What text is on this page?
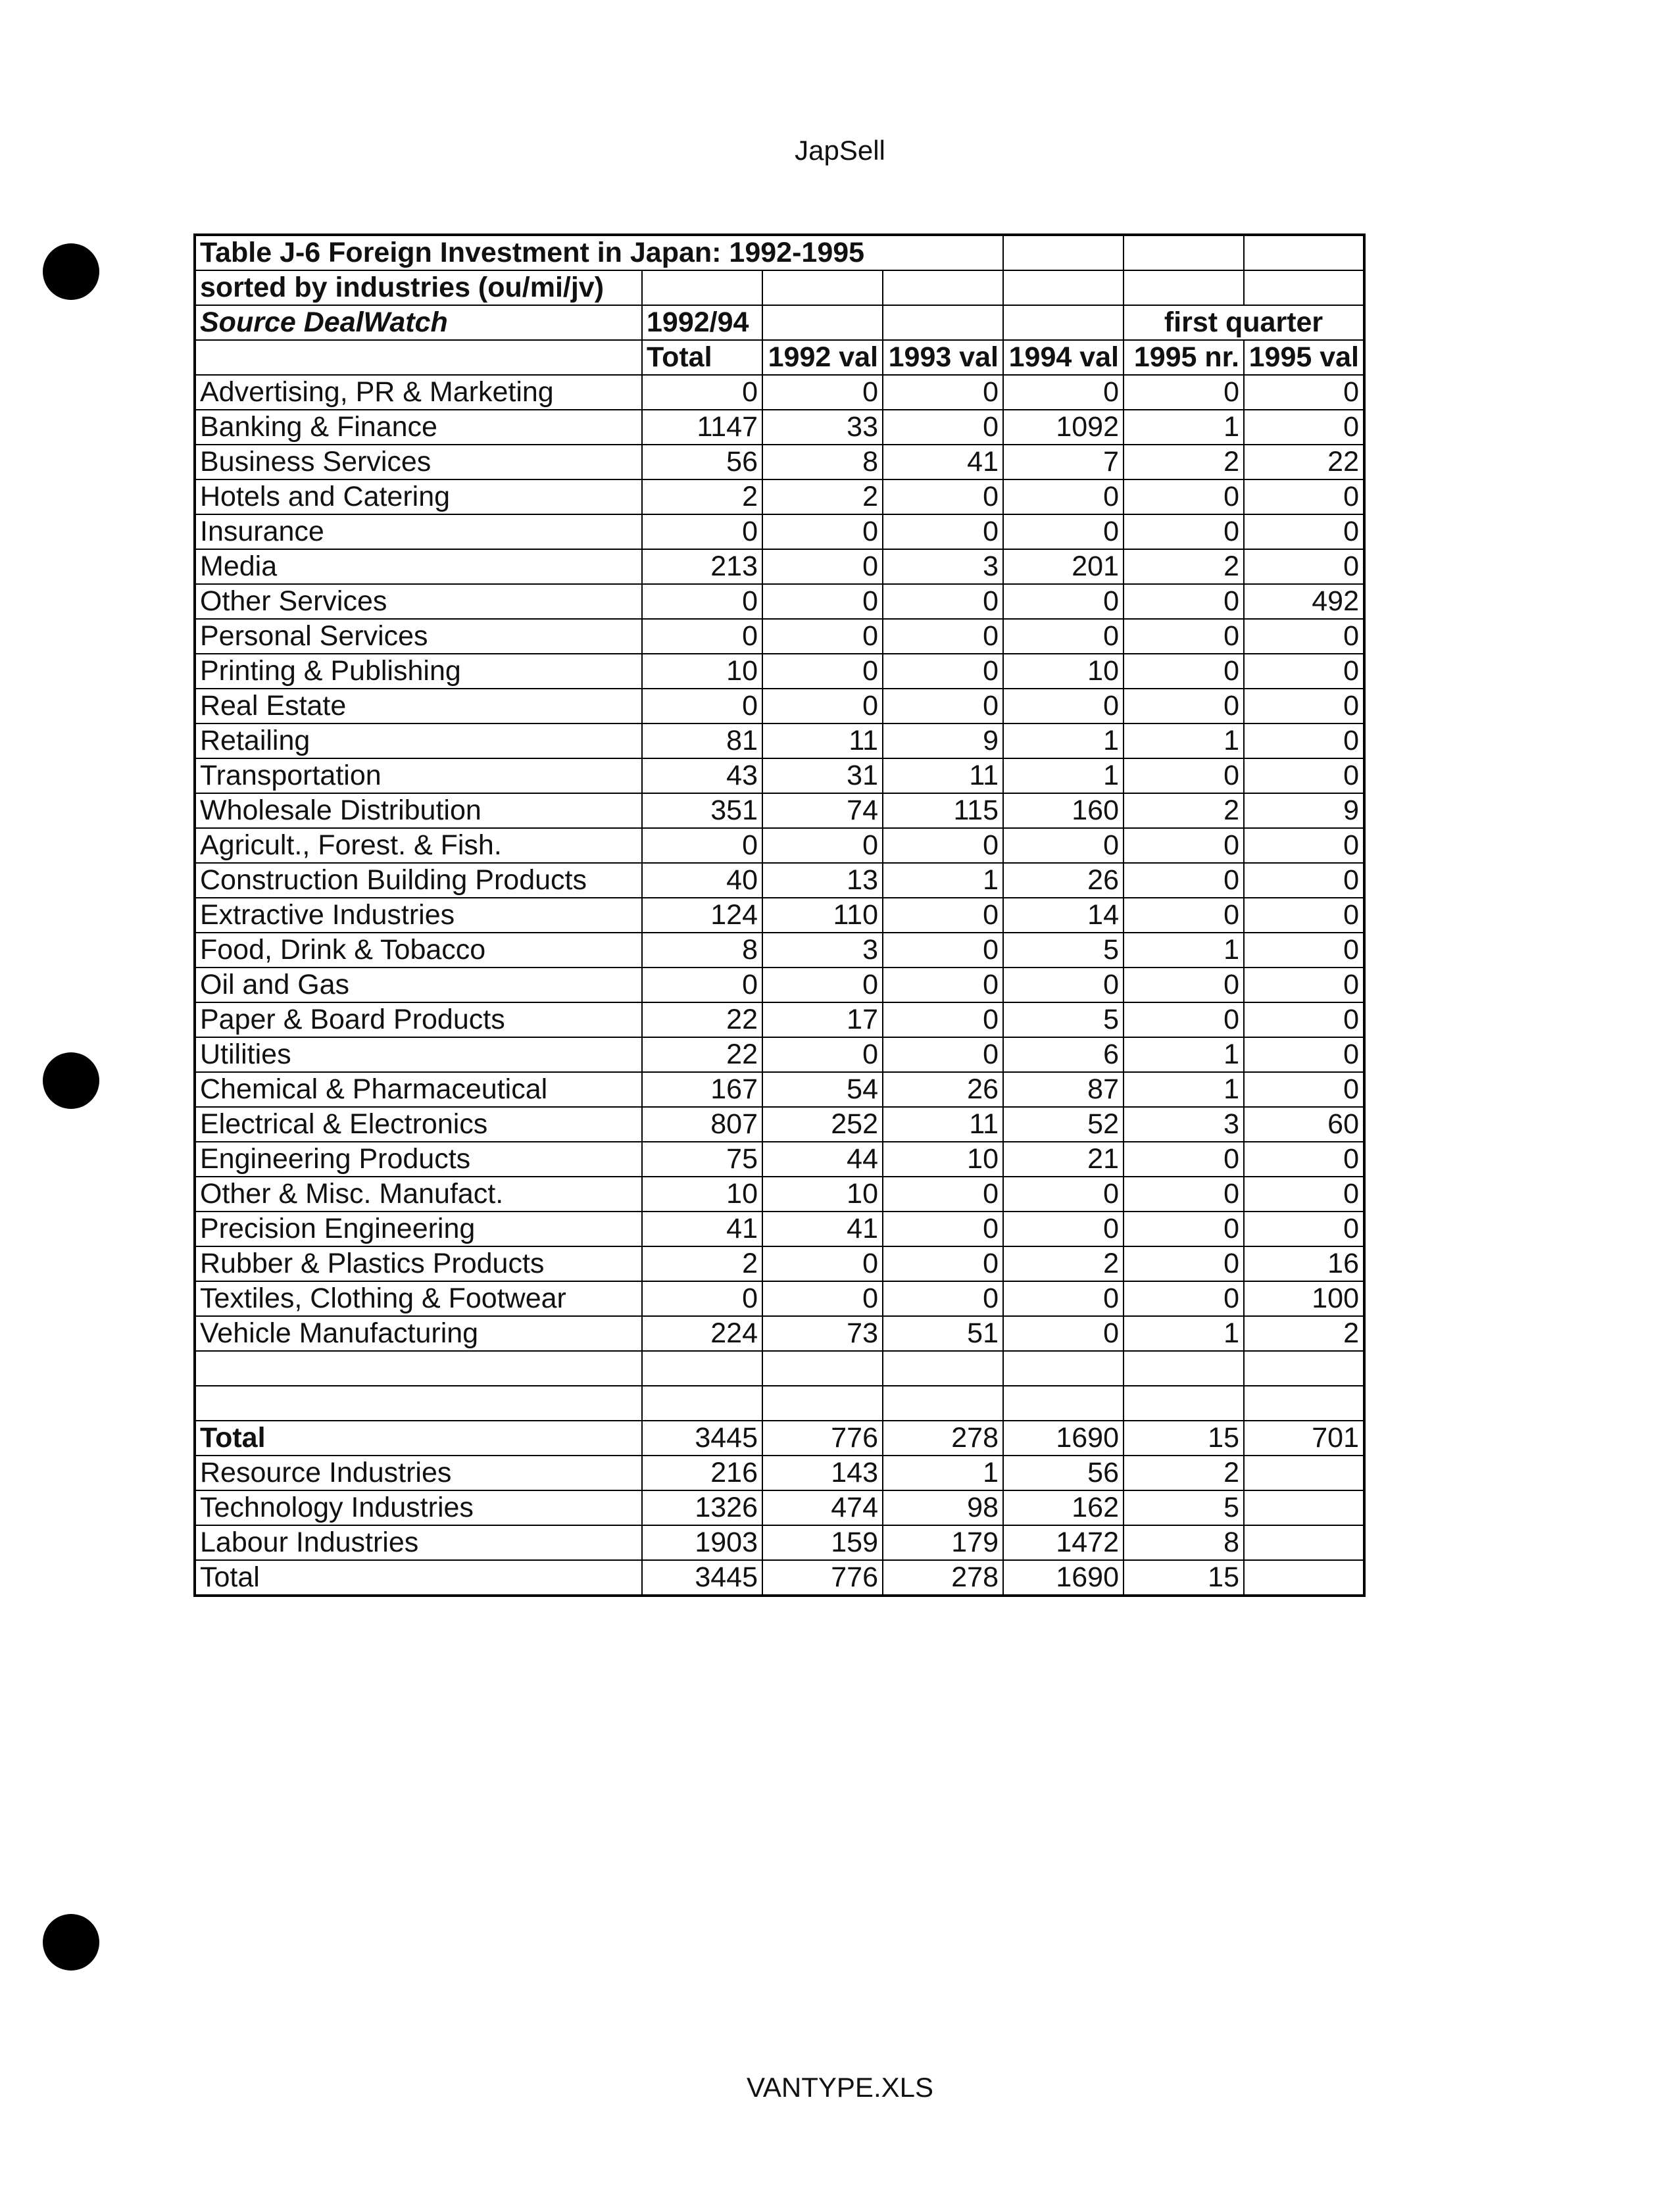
JapSell
Table J-6 Foreign Investment in Japan: 1992-1995						
sorted by industries (ou/mi/jv)						
Source DealWatch	1992/94				first quarter	
	Total	1992 val	1993 val	1994 val	1995 nr.	1995 val
Advertising, PR & Marketing	0	0	0	0	0	0
Banking & Finance	1147	33	0	1092	1	0
Business Services	56	8	41	7	2	22
Hotels and Catering	2	2	0	0	0	0
Insurance	0	0	0	0	0	0
Media	213	0	3	201	2	0
Other Services	0	0	0	0	0	492
Personal Services	0	0	0	0	0	0
Printing & Publishing	10	0	0	10	0	0
Real Estate	0	0	0	0	0	0
Retailing	81	11	9	1	1	0
Transportation	43	31	11	1	0	0
Wholesale Distribution	351	74	115	160	2	9
Agricult., Forest. & Fish.	0	0	0	0	0	0
Construction Building Products	40	13	1	26	0	0
Extractive Industries	124	110	0	14	0	0
Food, Drink & Tobacco	8	3	0	5	1	0
Oil and Gas	0	0	0	0	0	0
Paper & Board Products	22	17	0	5	0	0
Utilities	22	0	0	6	1	0
Chemical & Pharmaceutical	167	54	26	87	1	0
Electrical & Electronics	807	252	11	52	3	60
Engineering Products	75	44	10	21	0	0
Other & Misc. Manufact.	10	10	0	0	0	0
Precision Engineering	41	41	0	0	0	0
Rubber & Plastics Products	2	0	0	2	0	16
Textiles, Clothing & Footwear	0	0	0	0	0	100
Vehicle Manufacturing	224	73	51	0	1	2

Total	3445	776	278	1690	15	701
Resource Industries	216	143	1	56	2	
Technology Industries	1326	474	98	162	5	
Labour Industries	1903	159	179	1472	8	
Total	3445	776	278	1690	15	
VANTYPE.XLS
